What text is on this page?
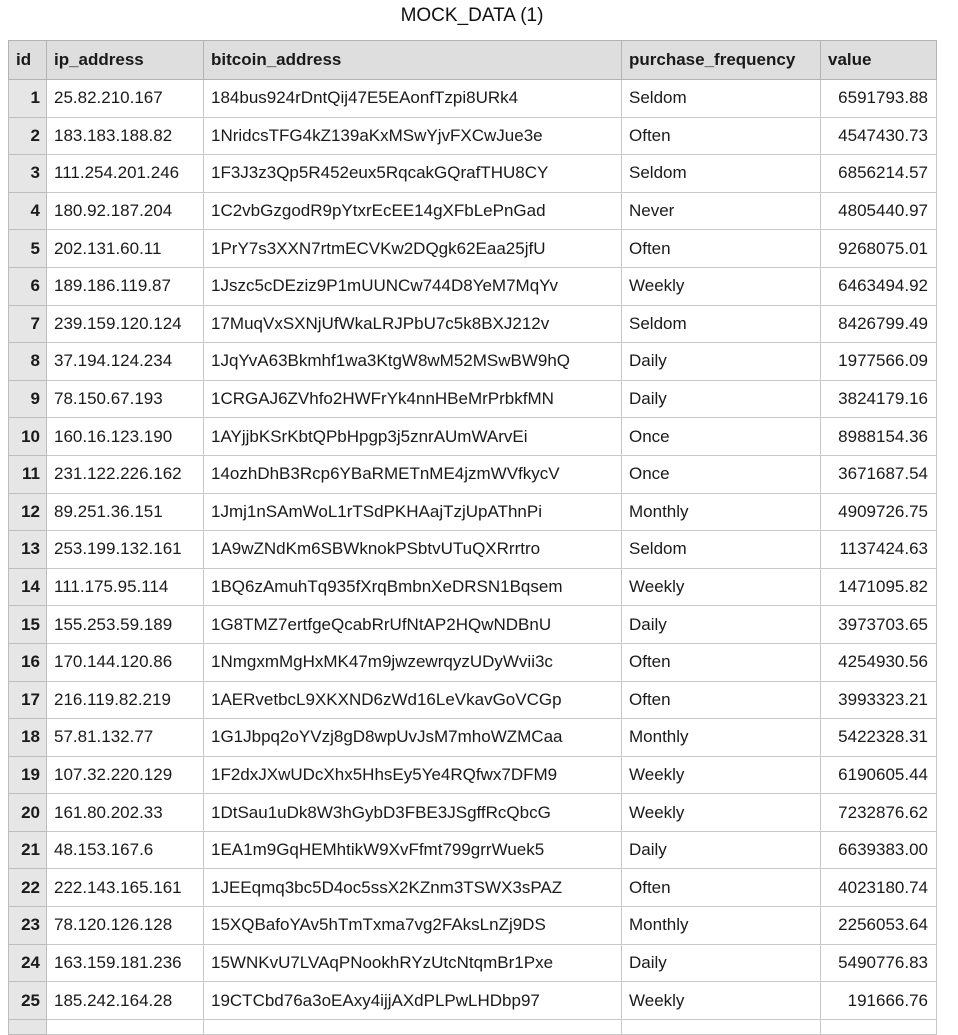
MOCK_DATA (1)
id	ip_address	bitcoin_address	purchase_frequency	value
1	25.82.210.167	184bus924rDntQij47E5EAonfTzpi8URk4	Seldom	6591793.88
2	183.183.188.82	1NridcsTFG4kZ139aKxMSwYjvFXCwJue3e	Often	4547430.73
3	111.254.201.246	1F3J3z3Qp5R452eux5RqcakGQrafTHU8CY	Seldom	6856214.57
4	180.92.187.204	1C2vbGzgodR9pYtxrEcEE14gXFbLePnGad	Never	4805440.97
5	202.131.60.11	1PrY7s3XXN7rtmECVKw2DQgk62Eaa25jfU	Often	9268075.01
6	189.186.119.87	1Jszc5cDEziz9P1mUUNCw744D8YeM7MqYv	Weekly	6463494.92
7	239.159.120.124	17MuqVxSXNjUfWkaLRJPbU7c5k8BXJ212v	Seldom	8426799.49
8	37.194.124.234	1JqYvA63Bkmhf1wa3KtgW8wM52MSwBW9hQ	Daily	1977566.09
9	78.150.67.193	1CRGAJ6ZVhfo2HWFrYk4nnHBeMrPrbkfMN	Daily	3824179.16
10	160.16.123.190	1AYjjbKSrKbtQPbHpgp3j5znrAUmWArvEi	Once	8988154.36
11	231.122.226.162	14ozhDhB3Rcp6YBaRMETnME4jzmWVfkycV	Once	3671687.54
12	89.251.36.151	1Jmj1nSAmWoL1rTSdPKHAajTzjUpAThnPi	Monthly	4909726.75
13	253.199.132.161	1A9wZNdKm6SBWknokPSbtvUTuQXRrrtro	Seldom	1137424.63
14	111.175.95.114	1BQ6zAmuhTq935fXrqBmbnXeDRSN1Bqsem	Weekly	1471095.82
15	155.253.59.189	1G8TMZ7ertfgeQcabRrUfNtAP2HQwNDBnU	Daily	3973703.65
16	170.144.120.86	1NmgxmMgHxMK47m9jwzewrqyzUDyWvii3c	Often	4254930.56
17	216.119.82.219	1AERvetbcL9XKXND6zWd16LeVkavGoVCGp	Often	3993323.21
18	57.81.132.77	1G1Jbpq2oYVzj8gD8wpUvJsM7mhoWZMCaa	Monthly	5422328.31
19	107.32.220.129	1F2dxJXwUDcXhx5HhsEy5Ye4RQfwx7DFM9	Weekly	6190605.44
20	161.80.202.33	1DtSau1uDk8W3hGybD3FBE3JSgffRcQbcG	Weekly	7232876.62
21	48.153.167.6	1EA1m9GqHEMhtikW9XvFfmt799grrWuek5	Daily	6639383.00
22	222.143.165.161	1JEEqmq3bc5D4oc5ssX2KZnm3TSWX3sPAZ	Often	4023180.74
23	78.120.126.128	15XQBafoYAv5hTmTxma7vg2FAksLnZj9DS	Monthly	2256053.64
24	163.159.181.236	15WNKvU7LVAqPNookhRYzUtcNtqmBr1Pxe	Daily	5490776.83
25	185.242.164.28	19CTCbd76a3oEAxy4ijjAXdPLPwLHDbp97	Weekly	191666.76
